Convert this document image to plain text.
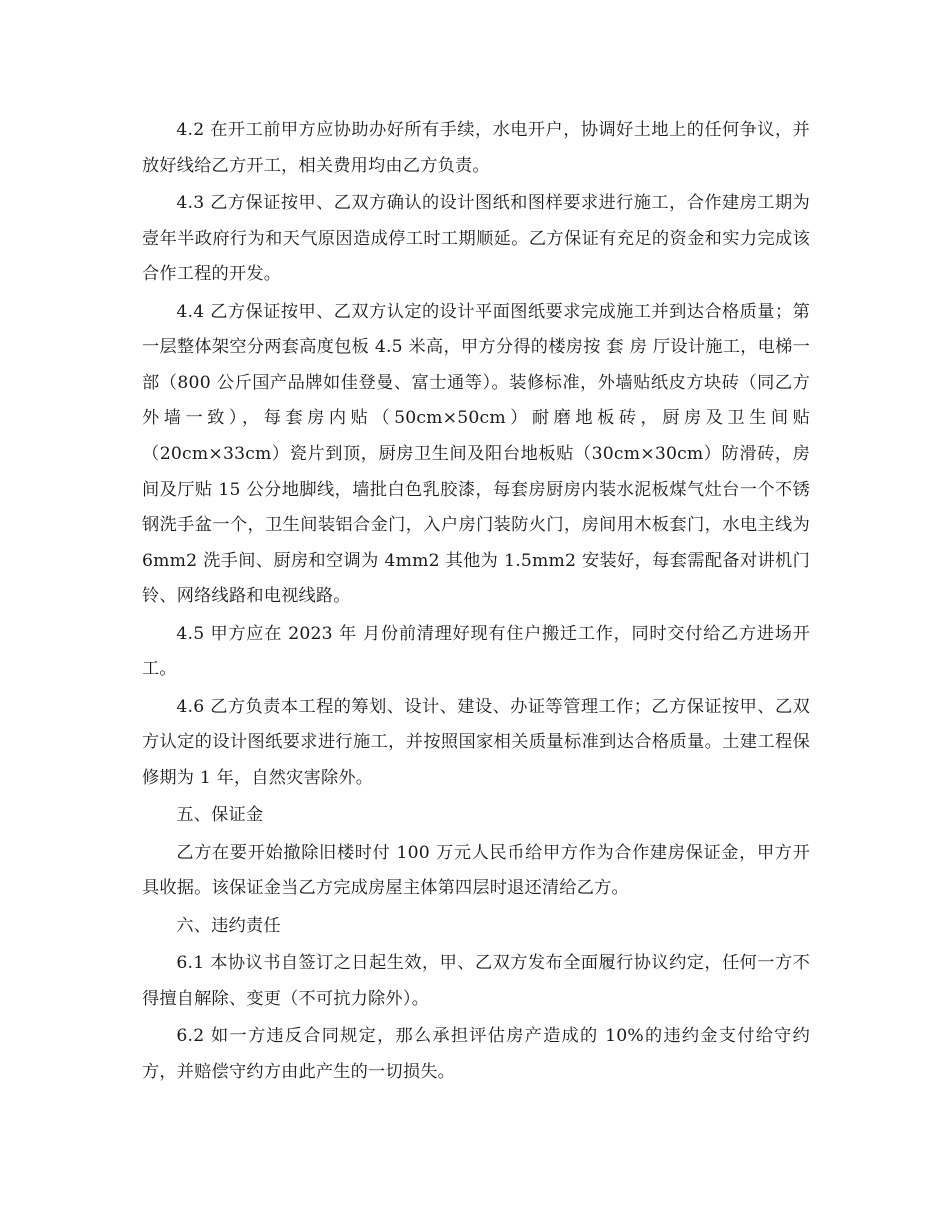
4.2 在开工前甲方应协助办好所有手续，水电开户，协调好土地上的任何争议，并放好线给乙方开工，相关费用均由乙方负责。

4.3 乙方保证按甲、乙双方确认的设计图纸和图样要求进行施工，合作建房工期为壹年半政府行为和天气原因造成停工时工期顺延。乙方保证有充足的资金和实力完成该合作工程的开发。

4.4 乙方保证按甲、乙双方认定的设计平面图纸要求完成施工并到达合格质量；第一层整体架空分两套高度包板 4.5 米高，甲方分得的楼房按 套 房 厅设计施工，电梯一部（800 公斤国产品牌如佳登曼、富士通等）。装修标准，外墙贴纸皮方块砖（同乙方外墙一致），每套房内贴（50cm×50cm）耐磨地板砖，厨房及卫生间贴（20cm×33cm）瓷片到顶，厨房卫生间及阳台地板贴（30cm×30cm）防滑砖，房间及厅贴 15 公分地脚线，墙批白色乳胶漆，每套房厨房内装水泥板煤气灶台一个不锈钢洗手盆一个，卫生间装铝合金门，入户房门装防火门，房间用木板套门，水电主线为 6mm2 洗手间、厨房和空调为 4mm2 其他为 1.5mm2 安装好，每套需配备对讲机门铃、网络线路和电视线路。

4.5 甲方应在 2023 年 月份前清理好现有住户搬迁工作，同时交付给乙方进场开工。

4.6 乙方负责本工程的筹划、设计、建设、办证等管理工作；乙方保证按甲、乙双方认定的设计图纸要求进行施工，并按照国家相关质量标准到达合格质量。土建工程保修期为 1 年，自然灾害除外。

五、保证金

乙方在要开始撤除旧楼时付 100 万元人民币给甲方作为合作建房保证金，甲方开具收据。该保证金当乙方完成房屋主体第四层时退还清给乙方。

六、违约责任

6.1 本协议书自签订之日起生效，甲、乙双方发布全面履行协议约定，任何一方不得擅自解除、变更（不可抗力除外）。

6.2 如一方违反合同规定，那么承担评估房产造成的 10%的违约金支付给守约方，并赔偿守约方由此产生的一切损失。
